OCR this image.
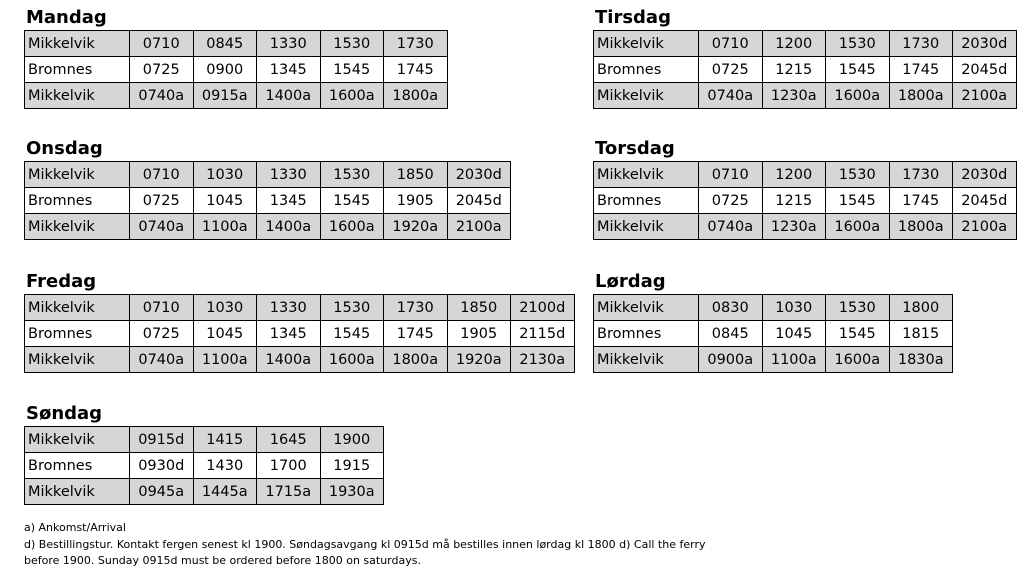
Mandag
Mikkelvik	0710	0845	1330	1530	1730
Bromnes	0725	0900	1345	1545	1745
Mikkelvik	0740a	0915a	1400a	1600a	1800a
Tirsdag
Mikkelvik	0710	1200	1530	1730	2030d
Bromnes	0725	1215	1545	1745	2045d
Mikkelvik	0740a	1230a	1600a	1800a	2100a
Onsdag
Mikkelvik	0710	1030	1330	1530	1850	2030d
Bromnes	0725	1045	1345	1545	1905	2045d
Mikkelvik	0740a	1100a	1400a	1600a	1920a	2100a
Torsdag
Mikkelvik	0710	1200	1530	1730	2030d
Bromnes	0725	1215	1545	1745	2045d
Mikkelvik	0740a	1230a	1600a	1800a	2100a
Fredag
Mikkelvik	0710	1030	1330	1530	1730	1850	2100d
Bromnes	0725	1045	1345	1545	1745	1905	2115d
Mikkelvik	0740a	1100a	1400a	1600a	1800a	1920a	2130a
Lørdag
Mikkelvik	0830	1030	1530	1800
Bromnes	0845	1045	1545	1815
Mikkelvik	0900a	1100a	1600a	1830a
Søndag
Mikkelvik	0915d	1415	1645	1900
Bromnes	0930d	1430	1700	1915
Mikkelvik	0945a	1445a	1715a	1930a
a) Ankomst/Arrival
d) Bestillingstur. Kontakt fergen senest kl 1900. Søndagsavgang kl 0915d må bestilles innen lørdag kl 1800 d) Call the ferry
before 1900. Sunday 0915d must be ordered before 1800 on saturdays.
